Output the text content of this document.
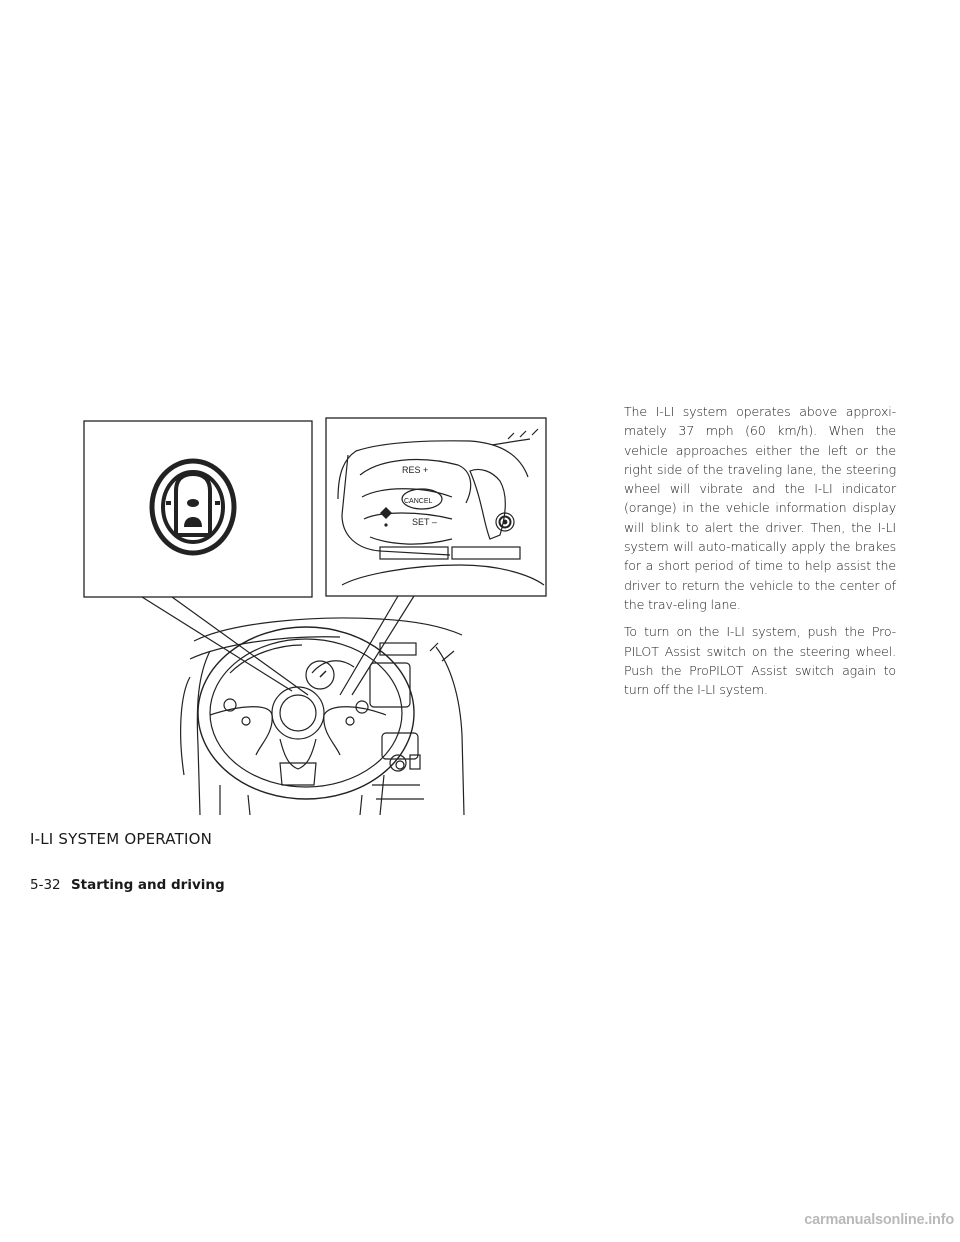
RES +
CANCEL
SET –

The I-LI system operates above approxi-mately 37 mph (60 km/h). When the vehicle approaches either the left or the right side of the traveling lane, the steering wheel will vibrate and the I-LI indicator (orange) in the vehicle information display will blink to alert the driver. Then, the I-LI system will auto-matically apply the brakes for a short period of time to help assist the driver to return the vehicle to the center of the trav-eling lane.

To turn on the I-LI system, push the Pro-PILOT Assist switch on the steering wheel. Push the ProPILOT Assist switch again to turn off the I-LI system.

I-LI SYSTEM OPERATION
5-32 Starting and driving
carmanualsonline.info
